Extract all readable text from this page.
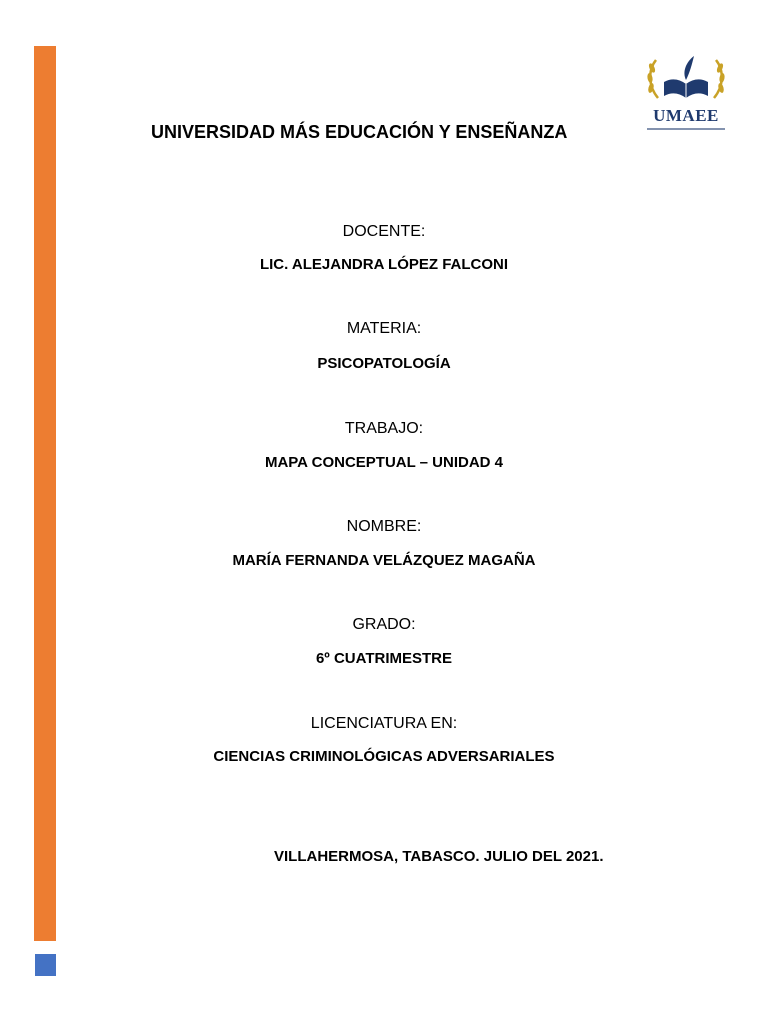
UMAEE
UNIVERSIDAD MÁS EDUCACIÓN Y ENSEÑANZA
DOCENTE:
LIC. ALEJANDRA LÓPEZ FALCONI
MATERIA:
PSICOPATOLOGÍA
TRABAJO:
MAPA CONCEPTUAL – UNIDAD 4
NOMBRE:
MARÍA FERNANDA VELÁZQUEZ MAGAÑA
GRADO:
6º CUATRIMESTRE
LICENCIATURA EN:
CIENCIAS CRIMINOLÓGICAS ADVERSARIALES
VILLAHERMOSA, TABASCO. JULIO DEL 2021.
